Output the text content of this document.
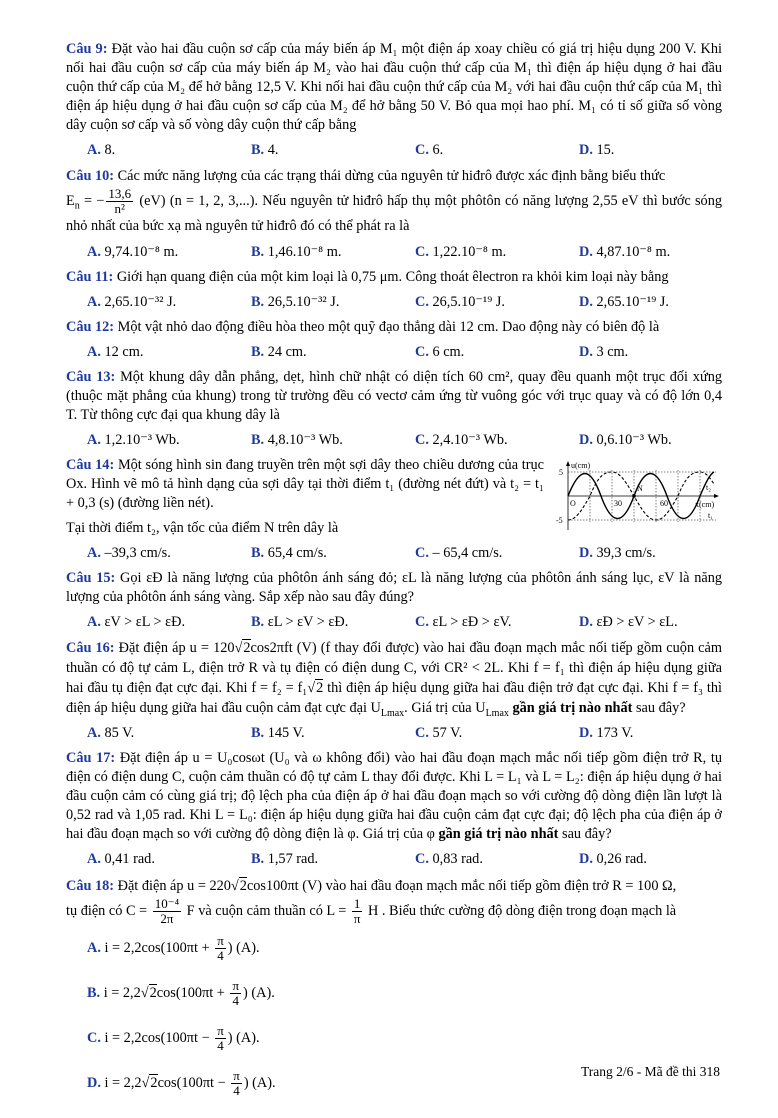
Câu 9: Đặt vào hai đầu cuộn sơ cấp của máy biến áp M₁ một điện áp xoay chiều có giá trị hiệu dụng 200 V. Khi nối hai đầu cuộn sơ cấp của máy biến áp M₂ vào hai đầu cuộn thứ cấp của M₁ thì điện áp hiệu dụng ở hai đầu cuộn thứ cấp của M₂ để hở bằng 12,5 V. Khi nối hai đầu cuộn thứ cấp của M₂ với hai đầu cuộn thứ cấp của M₁ thì điện áp hiệu dụng ở hai đầu cuộn sơ cấp của M₂ để hở bằng 50 V. Bỏ qua mọi hao phí. M₁ có tỉ số giữa số vòng dây cuộn sơ cấp và số vòng dây cuộn thứ cấp bằng
A. 8.	B. 4.	C. 6.	D. 15.
Câu 10: Các mức năng lượng của các trạng thái dừng của nguyên tử hiđrô được xác định bằng biểu thức
$E_n$ = − $\frac{13,6}{\text{n²}} (eV) (n = 1$, 2, 3,...). Nếu nguyên tử hiđrô hấp thụ một phôtôn có năng lượng 2,55 eV thì bước sóng nhỏ nhất của bức xạ mà nguyên tử hiđrô đó có thể phát ra là
A. 9,74.10⁻⁸ m.	B. 1,46.10⁻⁸ m.	C. 1,22.10⁻⁸ m.	D. 4,87.10⁻⁸ m.
Câu 11: Giới hạn quang điện của một kim loại là 0,75 μm. Công thoát êlectron ra khỏi kim loại này bằng
A. 2,65.10⁻³² J.	B. 26,5.10⁻³² J.	C. 26,5.10⁻¹⁹ J.	D. 2,65.10⁻¹⁹ J.
Câu 12: Một vật nhỏ dao động điều hòa theo một quỹ đạo thẳng dài 12 cm. Dao động này có biên độ là
A. 12 cm.	B. 24 cm.	C. 6 cm.	D. 3 cm.
Câu 13: Một khung dây dẫn phẳng, dẹt, hình chữ nhật có diện tích 60 cm², quay đều quanh một trục đối xứng (thuộc mặt phẳng của khung) trong từ trường đều có vectơ cảm ứng từ vuông góc với trục quay và có độ lớn 0,4 T. Từ thông cực đại qua khung dây là
A. 1,2.10⁻³ Wb.	B. 4,8.10⁻³ Wb.	C. 2,4.10⁻³ Wb.	D. 0,6.10⁻³ Wb.
Câu 14: Một sóng hình sin đang truyền trên một sợi dây theo chiều dương của trục Ox. Hình vẽ mô tả hình dạng của sợi dây tại thời điểm t₁ (đường nét đứt) và t₂ = t₁ + 0,3 (s) (đường liền nét).
Tại thời điểm t₂, vận tốc của điểm N trên dây là
u(cm)
5
-5
O	30	60
N
x(cm)
t₂
t₁
A. –39,3 cm/s.	B. 65,4 cm/s.	C. – 65,4 cm/s.	D. 39,3 cm/s.
Câu 15: Gọi εĐ là năng lượng của phôtôn ánh sáng đỏ; εL là năng lượng của phôtôn ánh sáng lục, εV là năng lượng của phôtôn ánh sáng vàng. Sắp xếp nào sau đây đúng?
A. εV > εL > εĐ.	B. εL > εV > εĐ.	C. εL > εĐ > εV.	D. εĐ > εV > εL.
Câu 16: Đặt điện áp u = 120√2cos2πft (V) (f thay đổi được) vào hai đầu đoạn mạch mắc nối tiếp gồm cuộn cảm thuần có độ tự cảm L, điện trở R và tụ điện có điện dung C, với CR² < 2L. Khi f = f₁ thì điện áp hiệu dụng giữa hai đầu tụ điện đạt cực đại. Khi f = f₂ = f₁√2 thì điện áp hiệu dụng giữa hai đầu điện trở đạt cực đại. Khi f = f₃ thì điện áp hiệu dụng giữa hai đầu cuộn cảm đạt cực đại $U_{Lmax}$. Giá trị của $U_{Lmax}$ gần giá trị nào nhất sau đây?
A. 85 V.	B. 145 V.	C. 57 V.	D. 173 V.
Câu 17: Đặt điện áp u = U₀cosωt (U₀ và ω không đổi) vào hai đầu đoạn mạch mắc nối tiếp gồm điện trở R, tụ điện có điện dung C, cuộn cảm thuần có độ tự cảm L thay đổi được. Khi L = L₁ và L = L₂: điện áp hiệu dụng ở hai đầu cuộn cảm có cùng giá trị; độ lệch pha của điện áp ở hai đầu đoạn mạch so với cường độ dòng điện lần lượt là 0,52 rad và 1,05 rad. Khi L = L₀: điện áp hiệu dụng giữa hai đầu cuộn cảm đạt cực đại; độ lệch pha của điện áp ở hai đầu đoạn mạch so với cường độ dòng điện là φ. Giá trị của φ gần giá trị nào nhất sau đây?
A. 0,41 rad.	B. 1,57 rad.	C. 0,83 rad.	D. 0,26 rad.
Câu 18: Đặt điện áp u = 220√2cos100πt (V) vào hai đầu đoạn mạch mắc nối tiếp gồm điện trở R = 100 Ω,
tụ điện có $C = \frac{\text{10⁻⁴}}{2\pi}$ F và cuộn cảm thuần có $L = \frac{1}{\pi}$ H . Biểu thức cường độ dòng điện trong đoạn mạch là
A. $i = 2,2\cos(100\pi t + \frac{\pi}{4}$ ) (A).
B. $i = 2,2√2\cos(100\pi t + \frac{\pi}{4}$ ) (A).
C. $i = 2,2\cos(100\pi t - \frac{\pi}{4}$ ) (A).
D. $i = 2,2√2\cos(100\pi t - \frac{\pi}{4}$ ) (A).
Trang 2/6 - Mã đề thi 318
